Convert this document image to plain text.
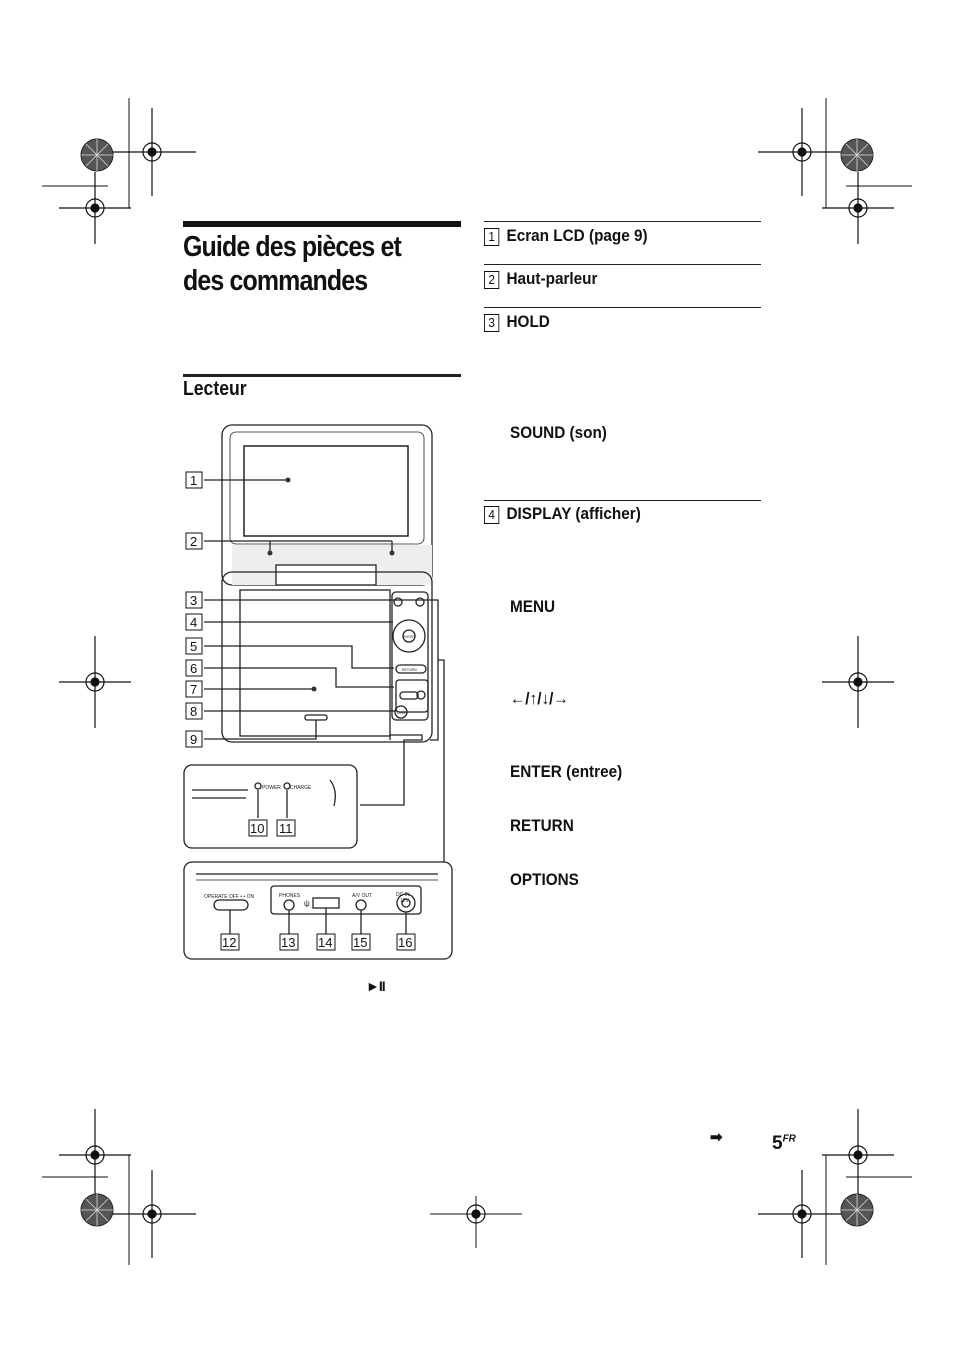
Guide des pièces et des commandes
Lecteur
1 Ecran LCD (page 9)
2 Haut-parleur
3 HOLD
SOUND (son)
4 DISPLAY (afficher)
MENU
←/↑/↓/→
ENTER (entree)
RETURN
OPTIONS
POWER CHARGE
OPERATE OFF • • ON	PHONES	A/V OUT	DC IN
12V
ψ
ENTER
RETURN
OPEN
1
2
3
4
5
6
7
8
9
10 11
12	13 14 15 16
►II
➡	$5^{FR}$
